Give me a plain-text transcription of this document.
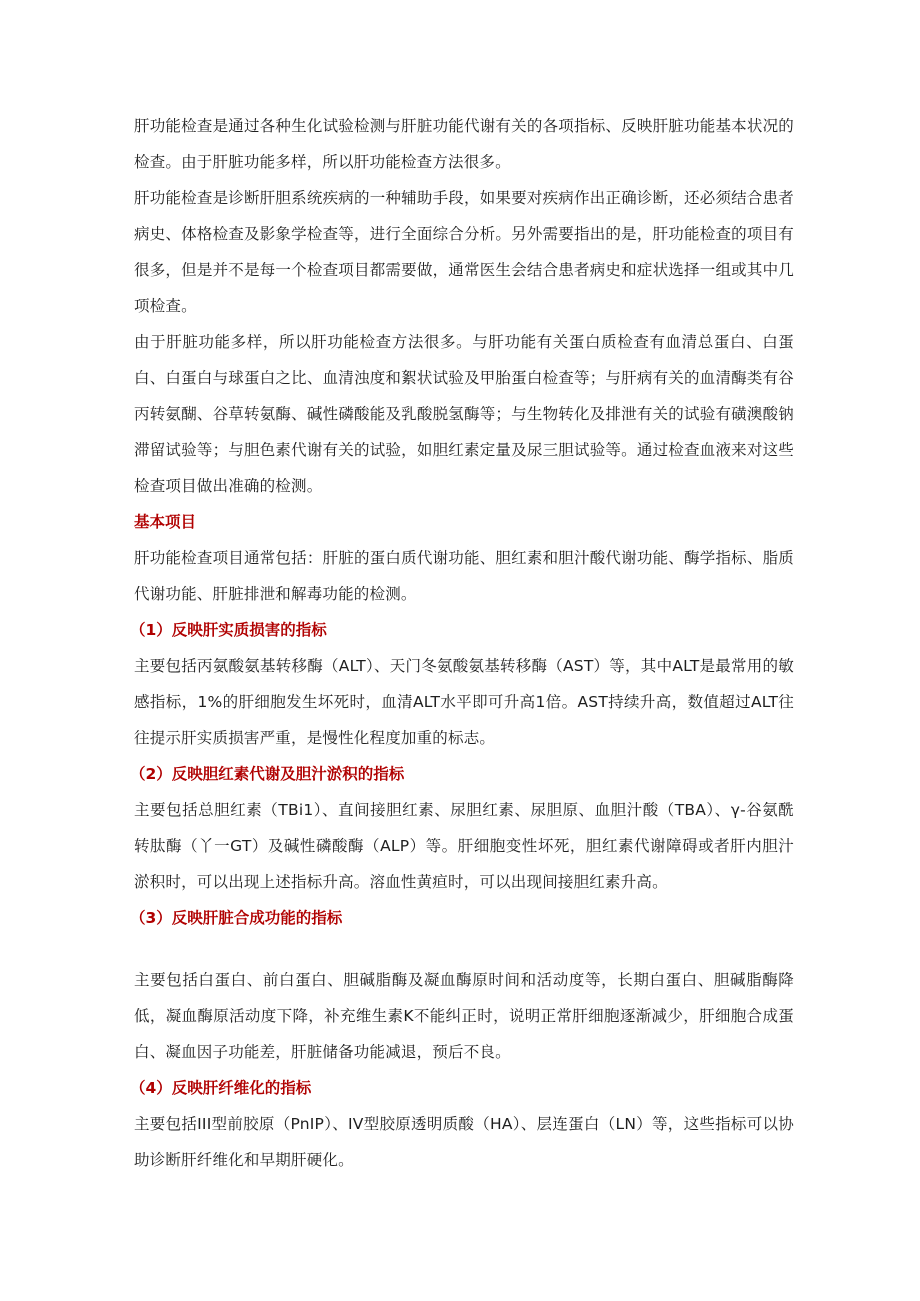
肝功能检查是通过各种生化试验检测与肝脏功能代谢有关的各项指标、反映肝脏功能基本状况的检查。由于肝脏功能多样，所以肝功能检查方法很多。

肝功能检查是诊断肝胆系统疾病的一种辅助手段，如果要对疾病作出正确诊断，还必须结合患者病史、体格检查及影象学检查等，进行全面综合分析。另外需要指出的是，肝功能检查的项目有很多，但是并不是每一个检查项目都需要做，通常医生会结合患者病史和症状选择一组或其中几项检查。

由于肝脏功能多样，所以肝功能检查方法很多。与肝功能有关蛋白质检查有血清总蛋白、白蛋白、白蛋白与球蛋白之比、血清浊度和絮状试验及甲胎蛋白检查等；与肝病有关的血清酶类有谷丙转氨醐、谷草转氨酶、碱性磷酸能及乳酸脱氢酶等；与生物转化及排泄有关的试验有磺澳酸钠滞留试验等；与胆色素代谢有关的试验，如胆红素定量及尿三胆试验等。通过检查血液来对这些检查项目做出准确的检测。

基本项目

肝功能检查项目通常包括：肝脏的蛋白质代谢功能、胆红素和胆汁酸代谢功能、酶学指标、脂质代谢功能、肝脏排泄和解毒功能的检测。

（1）反映肝实质损害的指标

主要包括丙氨酸氨基转移酶（ALT）、天门冬氨酸氨基转移酶（AST）等，其中ALT是最常用的敏感指标，1%的肝细胞发生坏死时，血清ALT水平即可升高1倍。AST持续升高，数值超过ALT往往提示肝实质损害严重，是慢性化程度加重的标志。

（2）反映胆红素代谢及胆汁淤积的指标

主要包括总胆红素（TBi1）、直间接胆红素、尿胆红素、尿胆原、血胆汁酸（TBA）、γ-谷氨酰转肽酶（丫一GT）及碱性磷酸酶（ALP）等。肝细胞变性坏死，胆红素代谢障碍或者肝内胆汁淤积时，可以出现上述指标升高。溶血性黄疸时，可以出现间接胆红素升高。

（3）反映肝脏合成功能的指标

主要包括白蛋白、前白蛋白、胆碱脂酶及凝血酶原时间和活动度等，长期白蛋白、胆碱脂酶降低，凝血酶原活动度下降，补充维生素K不能纠正时，说明正常肝细胞逐渐减少，肝细胞合成蛋白、凝血因子功能差，肝脏储备功能减退，预后不良。

（4）反映肝纤维化的指标

主要包括III型前胶原（PnIP）、IV型胶原透明质酸（HA）、层连蛋白（LN）等，这些指标可以协助诊断肝纤维化和早期肝硬化。
